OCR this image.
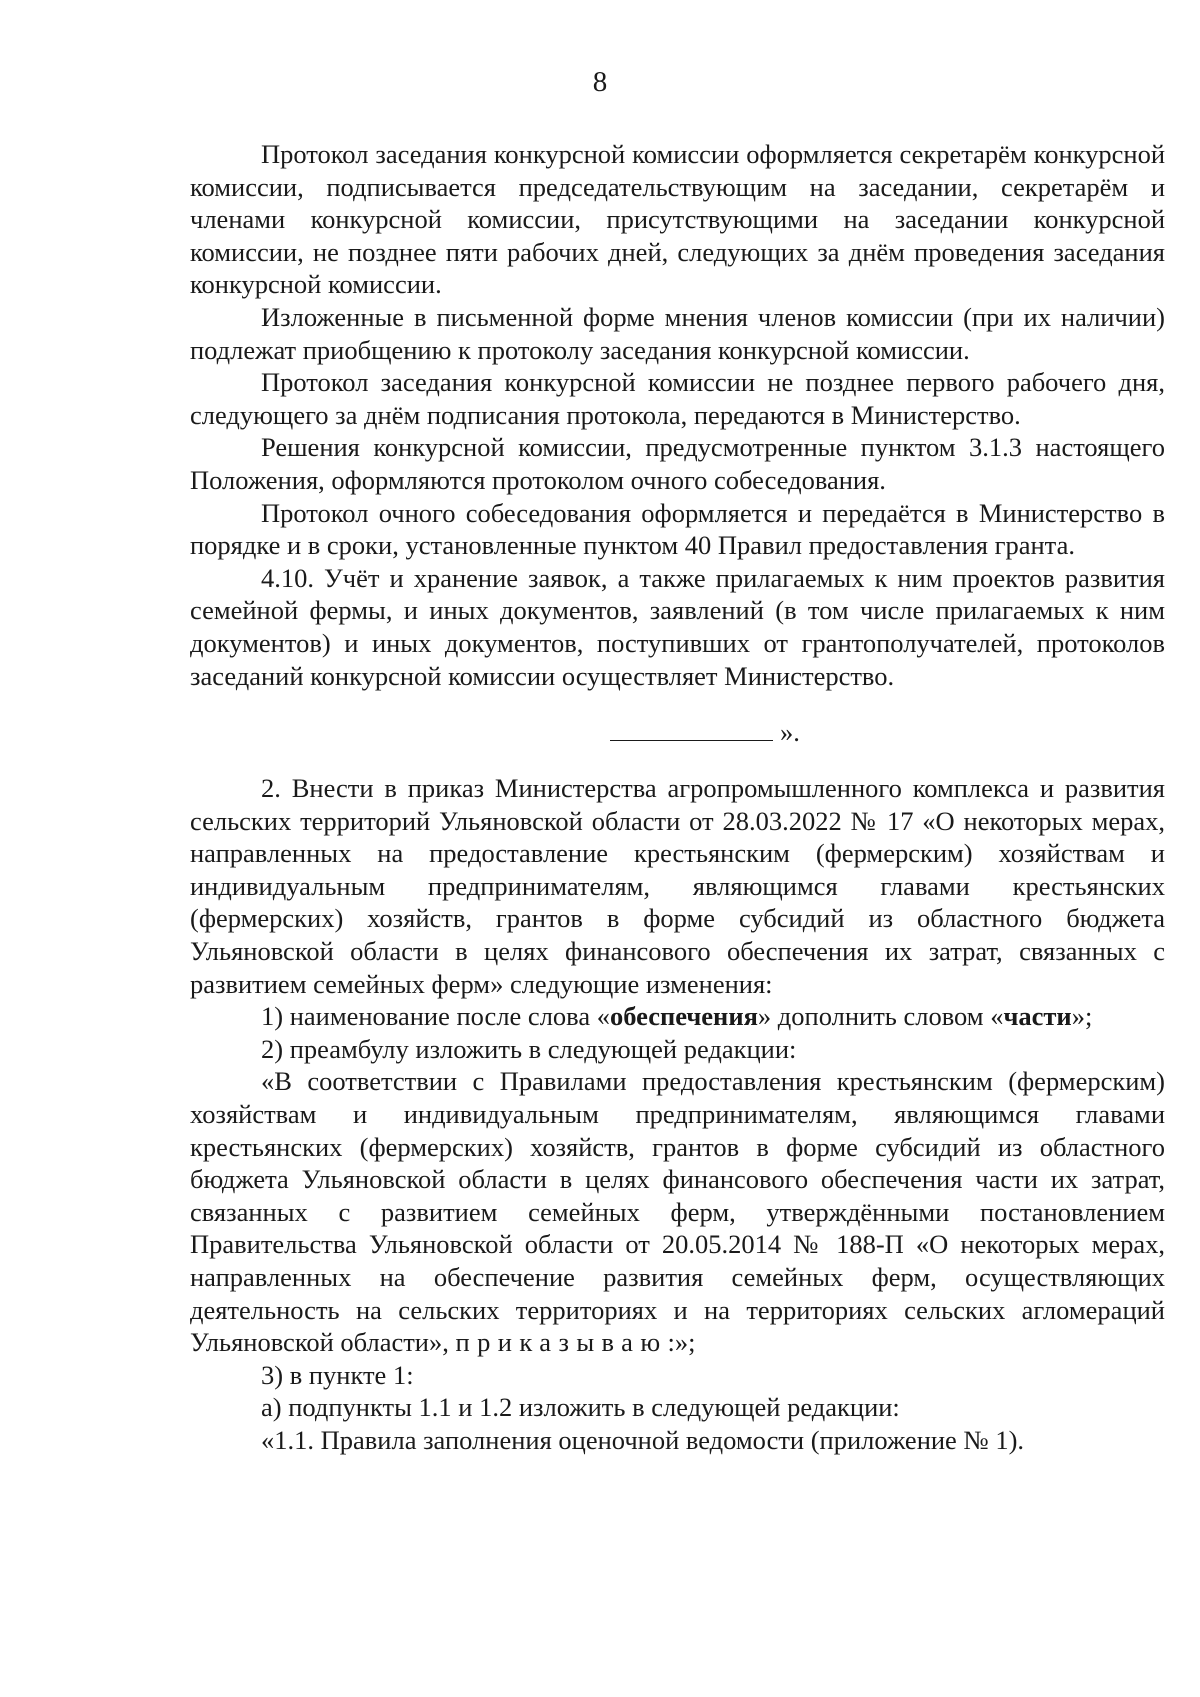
8

Протокол заседания конкурсной комиссии оформляется секретарём конкурсной комиссии, подписывается председательствующим на заседании, секретарём и членами конкурсной комиссии, присутствующими на заседании конкурсной комиссии, не позднее пяти рабочих дней, следующих за днём проведения заседания конкурсной комиссии.

Изложенные в письменной форме мнения членов комиссии (при их наличии) подлежат приобщению к протоколу заседания конкурсной комиссии.

Протокол заседания конкурсной комиссии не позднее первого рабочего дня, следующего за днём подписания протокола, передаются в Министерство.

Решения конкурсной комиссии, предусмотренные пунктом 3.1.3 настоящего Положения, оформляются протоколом очного собеседования.

Протокол очного собеседования оформляется и передаётся в Министерство в порядке и в сроки, установленные пунктом 40 Правил предоставления гранта.

4.10. Учёт и хранение заявок, а также прилагаемых к ним проектов развития семейной фермы, и иных документов, заявлений (в том числе прилагаемых к ним документов) и иных документов, поступивших от грантополучателей, протоколов заседаний конкурсной комиссии осуществляет Министерство.

».

2. Внести в приказ Министерства агропромышленного комплекса и развития сельских территорий Ульяновской области от 28.03.2022 № 17 «О некоторых мерах, направленных на предоставление крестьянским (фермерским) хозяйствам и индивидуальным предпринимателям, являющимся главами крестьянских (фермерских) хозяйств, грантов в форме субсидий из областного бюджета Ульяновской области в целях финансового обеспечения их затрат, связанных с развитием семейных ферм» следующие изменения:

1) наименование после слова «обеспечения» дополнить словом «части»;

2) преамбулу изложить в следующей редакции:

«В соответствии с Правилами предоставления крестьянским (фермерским) хозяйствам и индивидуальным предпринимателям, являющимся главами крестьянских (фермерских) хозяйств, грантов в форме субсидий из областного бюджета Ульяновской области в целях финансового обеспечения части их затрат, связанных с развитием семейных ферм, утверждёнными постановлением Правительства Ульяновской области от 20.05.2014 № 188-П «О некоторых мерах, направленных на обеспечение развития семейных ферм, осуществляющих деятельность на сельских территориях и на территориях сельских агломераций Ульяновской области», приказываю:»;

3) в пункте 1:

а) подпункты 1.1 и 1.2 изложить в следующей редакции:

«1.1. Правила заполнения оценочной ведомости (приложение № 1).
